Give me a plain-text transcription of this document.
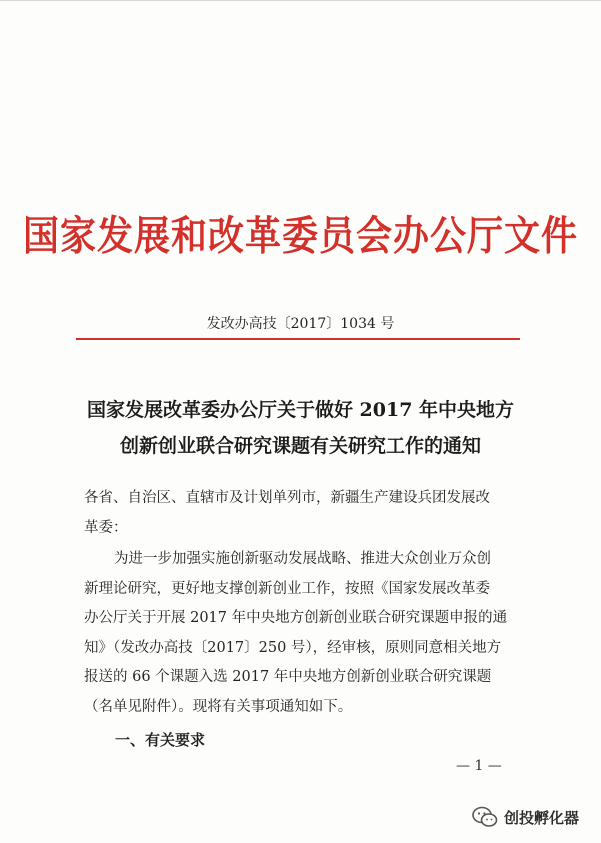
国家发展和改革委员会办公厅文件
发改办高技〔2017〕1034 号
国家发展改革委办公厅关于做好 2017 年中央地方
创新创业联合研究课题有关研究工作的通知
各省、自治区、直辖市及计划单列市，新疆生产建设兵团发展改
革委：
为进一步加强实施创新驱动发展战略、推进大众创业万众创
新理论研究，更好地支撑创新创业工作，按照《国家发展改革委
办公厅关于开展 2017 年中央地方创新创业联合研究课题申报的通
知》（发改办高技〔2017〕250 号），经审核，原则同意相关地方
报送的 66 个课题入选 2017 年中央地方创新创业联合研究课题
（名单见附件）。现将有关事项通知如下。
一、有关要求
— 1 —
创投孵化器
